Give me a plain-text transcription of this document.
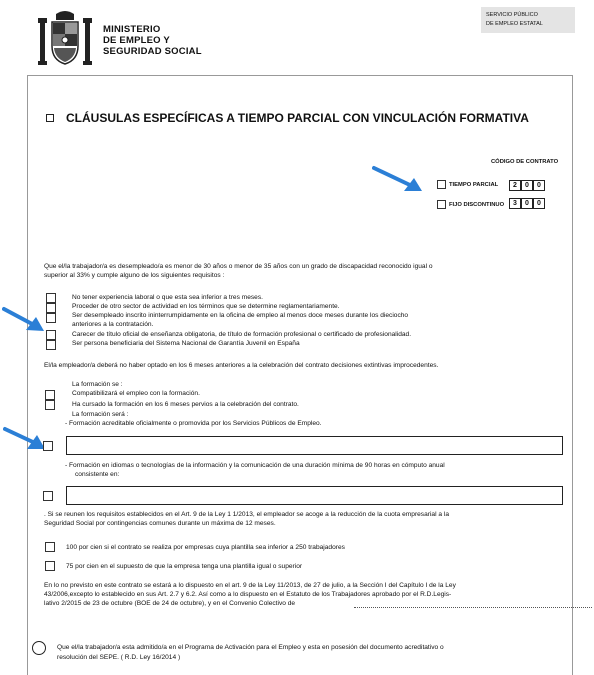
MINISTERIO
DE EMPLEO Y
SEGURIDAD SOCIAL
SERVICIO PÚBLICO
DE EMPLEO ESTATAL
CLÁUSULAS ESPECÍFICAS A TIEMPO PARCIAL CON VINCULACIÓN FORMATIVA
CÓDIGO DE CONTRATO
TIEMPO PARCIAL	2	0	0
FIJO DISCONTINUO	3	0	0
Que el/la trabajador/a es desempleado/a es menor de 30 años o menor de 35 años con un grado de discapacidad reconocido igual o
superior al 33% y cumple alguno de los siguientes requisitos :
No tener experiencia laboral o que esta sea inferior a tres meses.
Proceder de otro sector de actividad en los términos que se determine reglamentariamente.
Ser desempleado inscrito ininterrumpidamente en la oficina de empleo al menos doce meses durante los dieciocho
anteriores a la contratación.
Carecer de título oficial de enseñanza obligatoria, de título de formación profesional o certificado de profesionalidad.
Ser persona beneficiaria del Sistema Nacional de Garantía Juvenil en España
El/la empleador/a deberá no haber optado en los 6 meses anteriores a la celebración del contrato decisiones extintivas improcedentes.
La formación se :
Compatibilizará el empleo con la formación.
Ha cursado la formación en los 6 meses pervios a la celebración del contrato.
La formación será :
- Formación acreditable oficialmente o promovida por los Servicios Públicos de Empleo.
- Formación en idiomas o tecnologías de la información y la comunicación de una duración mínima de 90 horas en cómputo anual
consistente en:
. Si se reunen los requisitos establecidos en el Art. 9 de la Ley 1 1/2013, el empleador se acoge a la reducción de la cuota empresarial a la
Seguridad Social por contingencias comunes durante un máxima de 12 meses.
100 por cien si el contrato se realiza por empresas cuya plantilla sea inferior a 250 trabajadores
75 por cien en el supuesto de que la empresa tenga una plantilla igual o superior
En lo no previsto en este contrato se estará a lo dispuesto en el art. 9 de la Ley 11/2013, de 27 de julio, a la Sección I del Capítulo I de la Ley
43/2006,excepto lo establecido en sus Art. 2.7 y 6.2. Así como a lo dispuesto en el Estatuto de los Trabajadores aprobado por el R.D.Legis-
lativo 2/2015 de 23 de octubre (BOE de 24 de octubre), y en el Convenio Colectivo de
Que el/la trabajador/a esta admitido/a en el Programa de Activación para el Empleo y esta en posesión del documento acreditativo o
resolución del SEPE. ( R.D. Ley 16/2014 )
